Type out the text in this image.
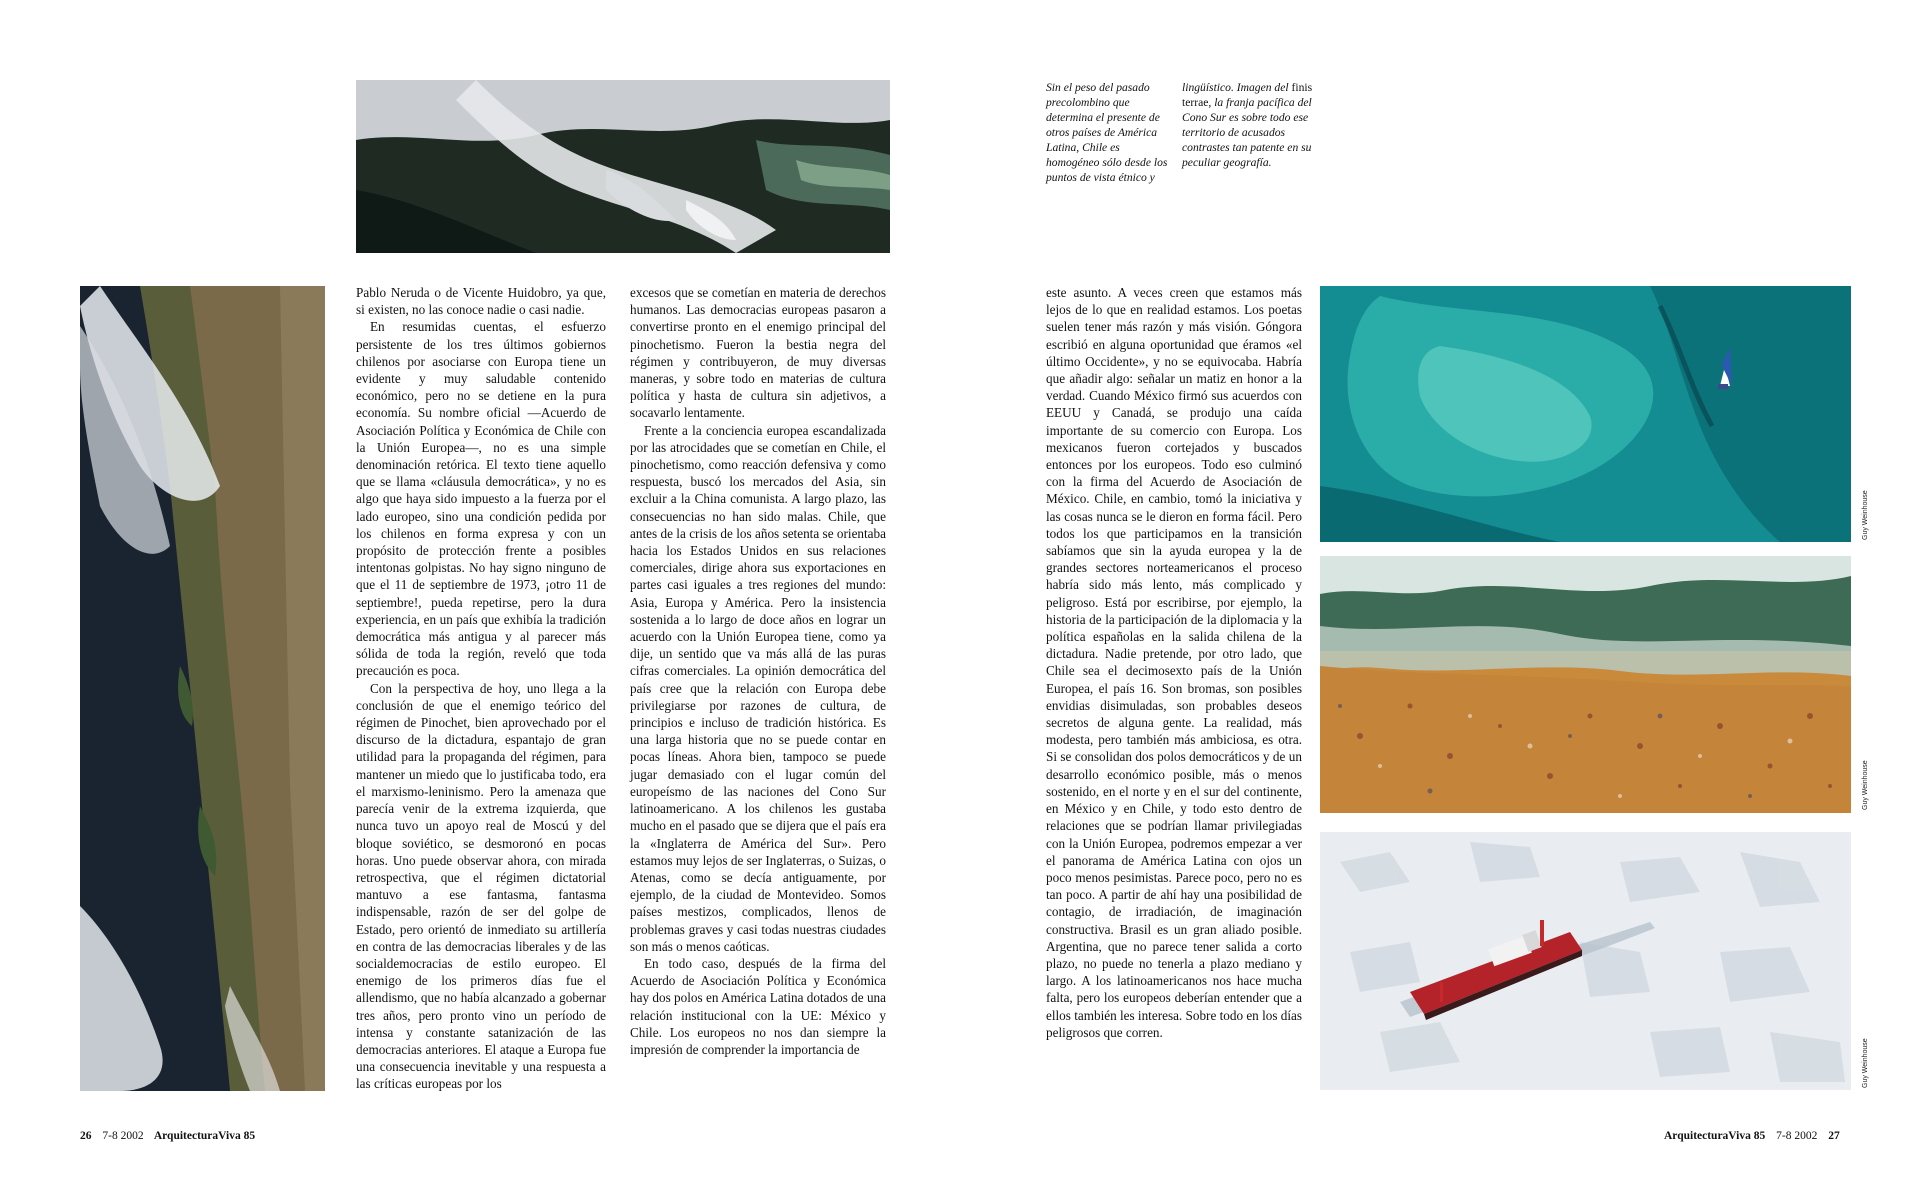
Pablo Neruda o de Vicente Huidobro, ya que, si existen, no las conoce nadie o casi nadie.

En resumidas cuentas, el esfuerzo persistente de los tres últimos gobiernos chilenos por asociarse con Europa tiene un evidente y muy saludable contenido económico, pero no se detiene en la pura economía. Su nombre oficial —Acuerdo de Asociación Política y Económica de Chile con la Unión Europea—, no es una simple denominación retórica. El texto tiene aquello que se llama «cláusula democrática», y no es algo que haya sido impuesto a la fuerza por el lado europeo, sino una condición pedida por los chilenos en forma expresa y con un propósito de protección frente a posibles intentonas golpistas. No hay signo ninguno de que el 11 de septiembre de 1973, ¡otro 11 de septiembre!, pueda repetirse, pero la dura experiencia, en un país que exhibía la tradición democrática más antigua y al parecer más sólida de toda la región, reveló que toda precaución es poca.

Con la perspectiva de hoy, uno llega a la conclusión de que el enemigo teórico del régimen de Pinochet, bien aprovechado por el discurso de la dictadura, espantajo de gran utilidad para la propaganda del régimen, para mantener un miedo que lo justificaba todo, era el marxismo-leninismo. Pero la amenaza que parecía venir de la extrema izquierda, que nunca tuvo un apoyo real de Moscú y del bloque soviético, se desmoronó en pocas horas. Uno puede observar ahora, con mirada retrospectiva, que el régimen dictatorial mantuvo a ese fantasma, fantasma indispensable, razón de ser del golpe de Estado, pero orientó de inmediato su artillería en contra de las democracias liberales y de las socialdemocracias de estilo europeo. El enemigo de los primeros días fue el allendismo, que no había alcanzado a gobernar tres años, pero pronto vino un período de intensa y constante satanización de las democracias anteriores. El ataque a Europa fue una consecuencia inevitable y una respuesta a las críticas europeas por los

excesos que se cometían en materia de derechos humanos. Las democracias europeas pasaron a convertirse pronto en el enemigo principal del pinochetismo. Fueron la bestia negra del régimen y contribuyeron, de muy diversas maneras, y sobre todo en materias de cultura política y hasta de cultura sin adjetivos, a socavarlo lentamente.

Frente a la conciencia europea escandalizada por las atrocidades que se cometían en Chile, el pinochetismo, como reacción defensiva y como respuesta, buscó los mercados del Asia, sin excluir a la China comunista. A largo plazo, las consecuencias no han sido malas. Chile, que antes de la crisis de los años setenta se orientaba hacia los Estados Unidos en sus relaciones comerciales, dirige ahora sus exportaciones en partes casi iguales a tres regiones del mundo: Asia, Europa y América. Pero la insistencia sostenida a lo largo de doce años en lograr un acuerdo con la Unión Europea tiene, como ya dije, un sentido que va más allá de las puras cifras comerciales. La opinión democrática del país cree que la relación con Europa debe privilegiarse por razones de cultura, de principios e incluso de tradición histórica. Es una larga historia que no se puede contar en pocas líneas. Ahora bien, tampoco se puede jugar demasiado con el lugar común del europeísmo de las naciones del Cono Sur latinoamericano. A los chilenos les gustaba mucho en el pasado que se dijera que el país era la «Inglaterra de América del Sur». Pero estamos muy lejos de ser Inglaterras, o Suizas, o Atenas, como se decía antiguamente, por ejemplo, de la ciudad de Montevideo. Somos países mestizos, complicados, llenos de problemas graves y casi todas nuestras ciudades son más o menos caóticas.

En todo caso, después de la firma del Acuerdo de Asociación Política y Económica hay dos polos en América Latina dotados de una relación institucional con la UE: México y Chile. Los europeos no nos dan siempre la impresión de comprender la importancia de

26 7-8 2002 ArquitecturaViva 85
Sin el peso del pasado precolombino que determina el presente de otros países de América Latina, Chile es homogéneo sólo desde los puntos de vista étnico y
lingüístico. Imagen del finis terrae, la franja pacífica del Cono Sur es sobre todo ese territorio de acusados contrastes tan patente en su peculiar geografía.

este asunto. A veces creen que estamos más lejos de lo que en realidad estamos. Los poetas suelen tener más razón y más visión. Góngora escribió en alguna oportunidad que éramos «el último Occidente», y no se equivocaba. Habría que añadir algo: señalar un matiz en honor a la verdad. Cuando México firmó sus acuerdos con EEUU y Canadá, se produjo una caída importante de su comercio con Europa. Los mexicanos fueron cortejados y buscados entonces por los europeos. Todo eso culminó con la firma del Acuerdo de Asociación de México. Chile, en cambio, tomó la iniciativa y las cosas nunca se le dieron en forma fácil. Pero todos los que participamos en la transición sabíamos que sin la ayuda europea y la de grandes sectores norteamericanos el proceso habría sido más lento, más complicado y peligroso. Está por escribirse, por ejemplo, la historia de la participación de la diplomacia y la política españolas en la salida chilena de la dictadura. Nadie pretende, por otro lado, que Chile sea el decimosexto país de la Unión Europea, el país 16. Son bromas, son posibles envidias disimuladas, son probables deseos secretos de alguna gente. La realidad, más modesta, pero también más ambiciosa, es otra. Si se consolidan dos polos democráticos y de un desarrollo económico posible, más o menos sostenido, en el norte y en el sur del continente, en México y en Chile, y todo esto dentro de relaciones que se podrían llamar privilegiadas con la Unión Europea, podremos empezar a ver el panorama de América Latina con ojos un poco menos pesimistas. Parece poco, pero no es tan poco. A partir de ahí hay una posibilidad de contagio, de irradiación, de imaginación constructiva. Brasil es un gran aliado posible. Argentina, que no parece tener salida a corto plazo, no puede no tenerla a plazo mediano y largo. A los latinoamericanos nos hace mucha falta, pero los europeos deberían entender que a ellos también les interesa. Sobre todo en los días peligrosos que corren.

Guy Weinhouse
Guy Weinhouse
Guy Weinhouse
ArquitecturaViva 85 7-8 2002 27
